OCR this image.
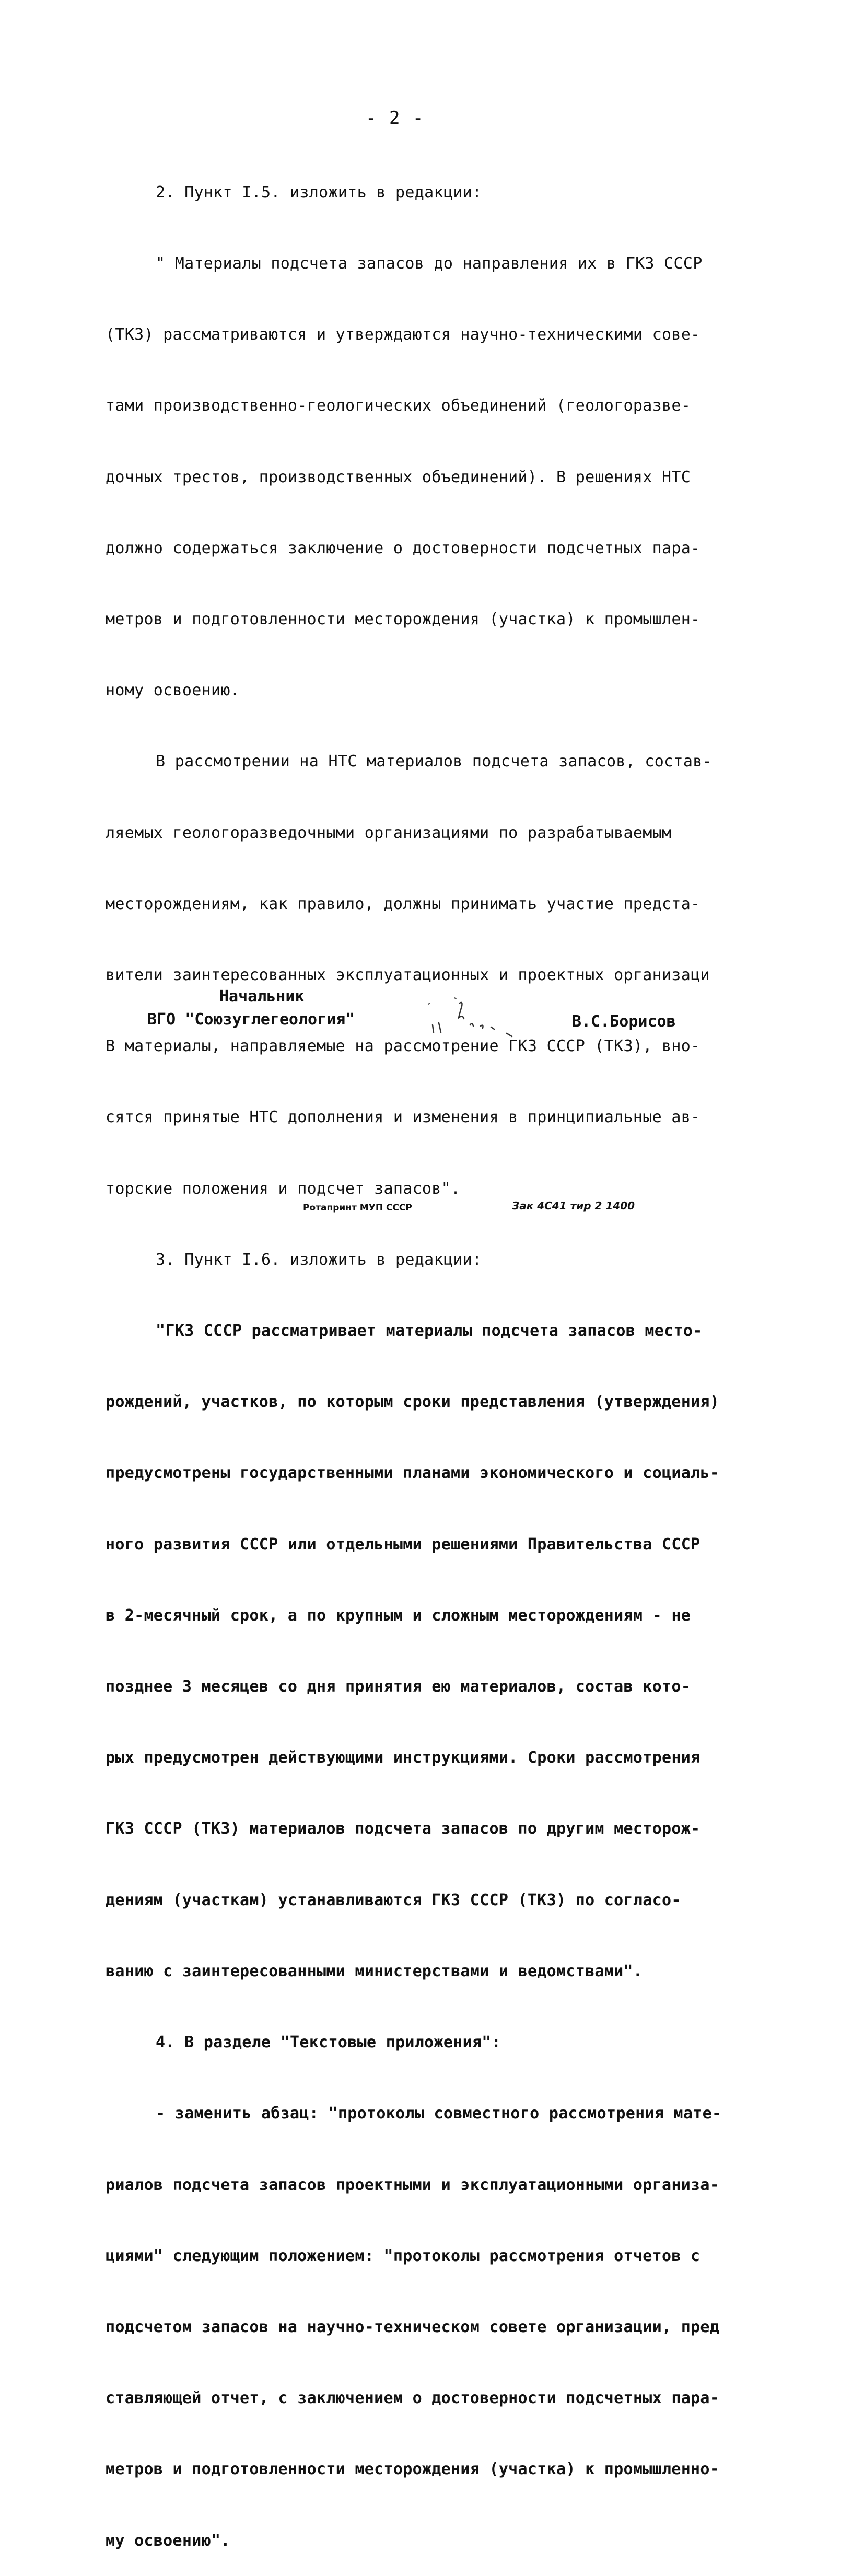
- 2 -

2. Пункт I.5. изложить в редакции:

" Материалы подсчета запасов до направления их в ГКЗ СССР

(ТКЗ) рассматриваются и утверждаются научно-техническими сове-

тами производственно-геологических объединений (геологоразве-

дочных трестов, производственных объединений). В решениях НТС

должно содержаться заключение о достоверности подсчетных пара-

метров и подготовленности месторождения (участка) к промышлен-

ному освоению.

В рассмотрении на НТС материалов подсчета запасов, состав-

ляемых геологоразведочными организациями по разрабатываемым

месторождениям, как правило, должны принимать участие предста-

вители заинтересованных эксплуатационных и проектных организаци

В материалы, направляемые на рассмотрение ГКЗ СССР (ТКЗ), вно-

сятся принятые НТС дополнения и изменения в принципиальные ав-

торские положения и подсчет запасов".

3. Пункт I.6. изложить в редакции:

"ГКЗ СССР рассматривает материалы подсчета запасов место-

рождений, участков, по которым сроки представления (утверждения)

предусмотрены государственными планами экономического и социаль-

ного развития СССР или отдельными решениями Правительства СССР

в 2-месячный срок, а по крупным и сложным месторождениям - не

позднее 3 месяцев со дня принятия ею материалов, состав кото-

рых предусмотрен действующими инструкциями. Сроки рассмотрения

ГКЗ СССР (ТКЗ) материалов подсчета запасов по другим месторож-

дениям (участкам) устанавливаются ГКЗ СССР (ТКЗ) по согласо-

ванию с заинтересованными министерствами и ведомствами".

4. В разделе "Текстовые приложения":

- заменить абзац: "протоколы совместного рассмотрения мате-

риалов подсчета запасов проектными и эксплуатационными организа-

циями" следующим положением: "протоколы рассмотрения отчетов с

подсчетом запасов на научно-техническом совете организации, пред

ставляющей отчет, с заключением о достоверности подсчетных пара-

метров и подготовленности месторождения (участка) к промышленно-

му освоению".

Начальник
ВГО "Союзуглегеология"	В.С.Борисов
Ротапринт МУП СССР	Зак 4С41 тир 2 1400
